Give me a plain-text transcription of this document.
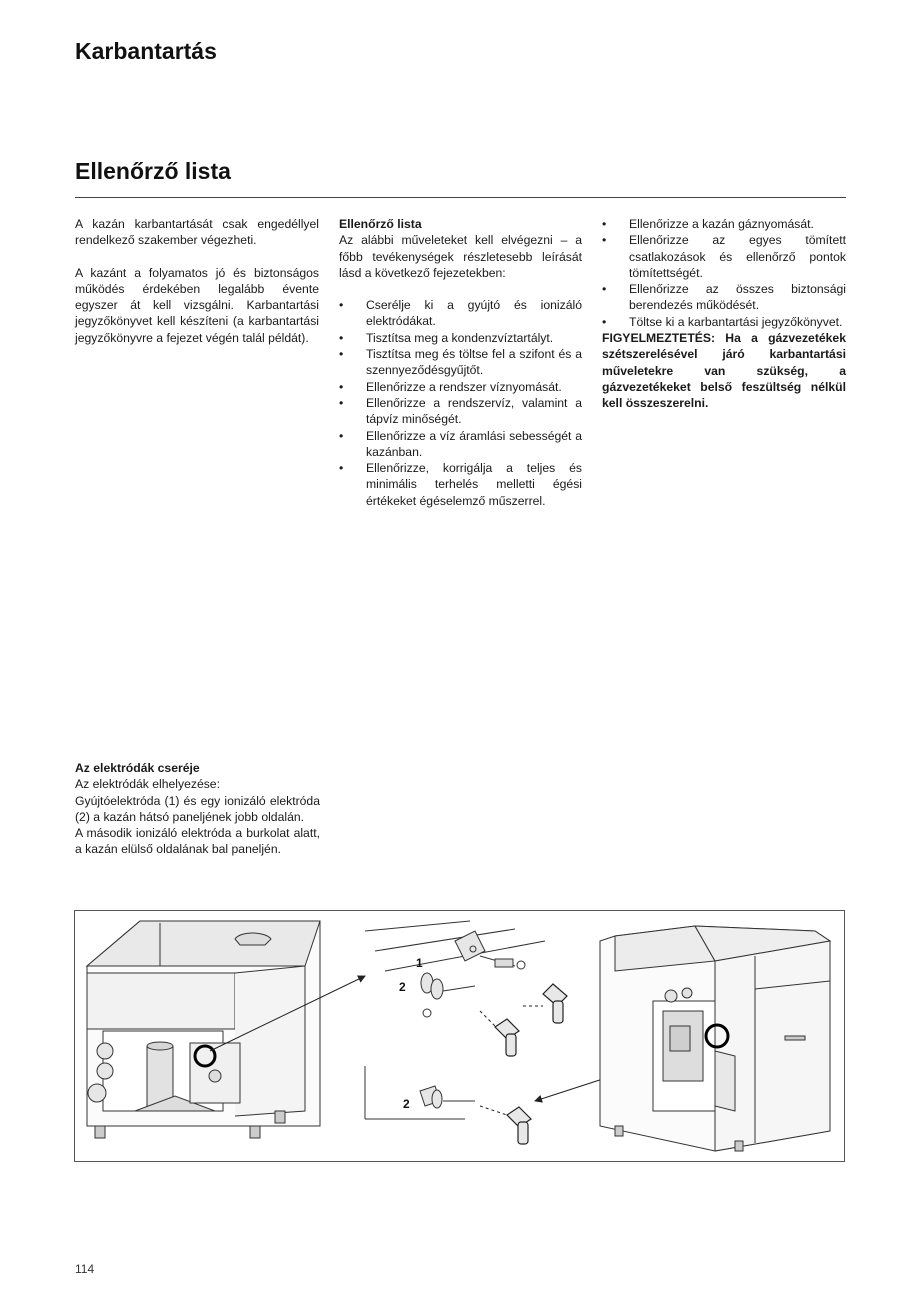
Karbantartás
Ellenőrző lista

A kazán karbantartását csak engedéllyel rendelkező szakember végezheti.

A kazánt a folyamatos jó és biztonságos működés érdekében legalább évente egyszer át kell vizsgálni. Karbantartási jegyzőkönyvet kell készíteni (a karbantartási jegyzőkönyvre a fejezet végén talál példát).

Ellenőrző lista

Az alábbi műveleteket kell elvégezni – a főbb tevékenységek részletesebb leírását lásd a következő fejezetekben:

• Cserélje ki a gyújtó és ionizáló elektródákat.
• Tisztítsa meg a kondenzvíztartályt.
• Tisztítsa meg és töltse fel a szifont és a szennyeződésgyűjtőt.
• Ellenőrizze a rendszer víznyomását.
• Ellenőrizze a rendszervíz, valamint a tápvíz minőségét.
• Ellenőrizze a víz áramlási sebességét a kazánban.
• Ellenőrizze, korrigálja a teljes és minimális terhelés melletti égési értékeket égéselemző műszerrel.
• Ellenőrizze a kazán gáznyomását.
• Ellenőrizze az egyes tömített csatlakozások és ellenőrző pontok tömítettségét.
• Ellenőrizze az összes biztonsági berendezés működését.
• Töltse ki a karbantartási jegyzőkönyvet.

FIGYELMEZTETÉS: Ha a gázvezetékek szétszerelésével járó karbantartási műveletekre van szükség, a gázvezetékeket belső feszültség nélkül kell összeszerelni.

Az elektródák cseréje

Az elektródák elhelyezése:

Gyújtóelektróda (1) és egy ionizáló elektróda (2) a kazán hátsó paneljének jobb oldalán.

A második ionizáló elektróda a burkolat alatt, a kazán elülső oldalának bal paneljén.

1
2
2
114
